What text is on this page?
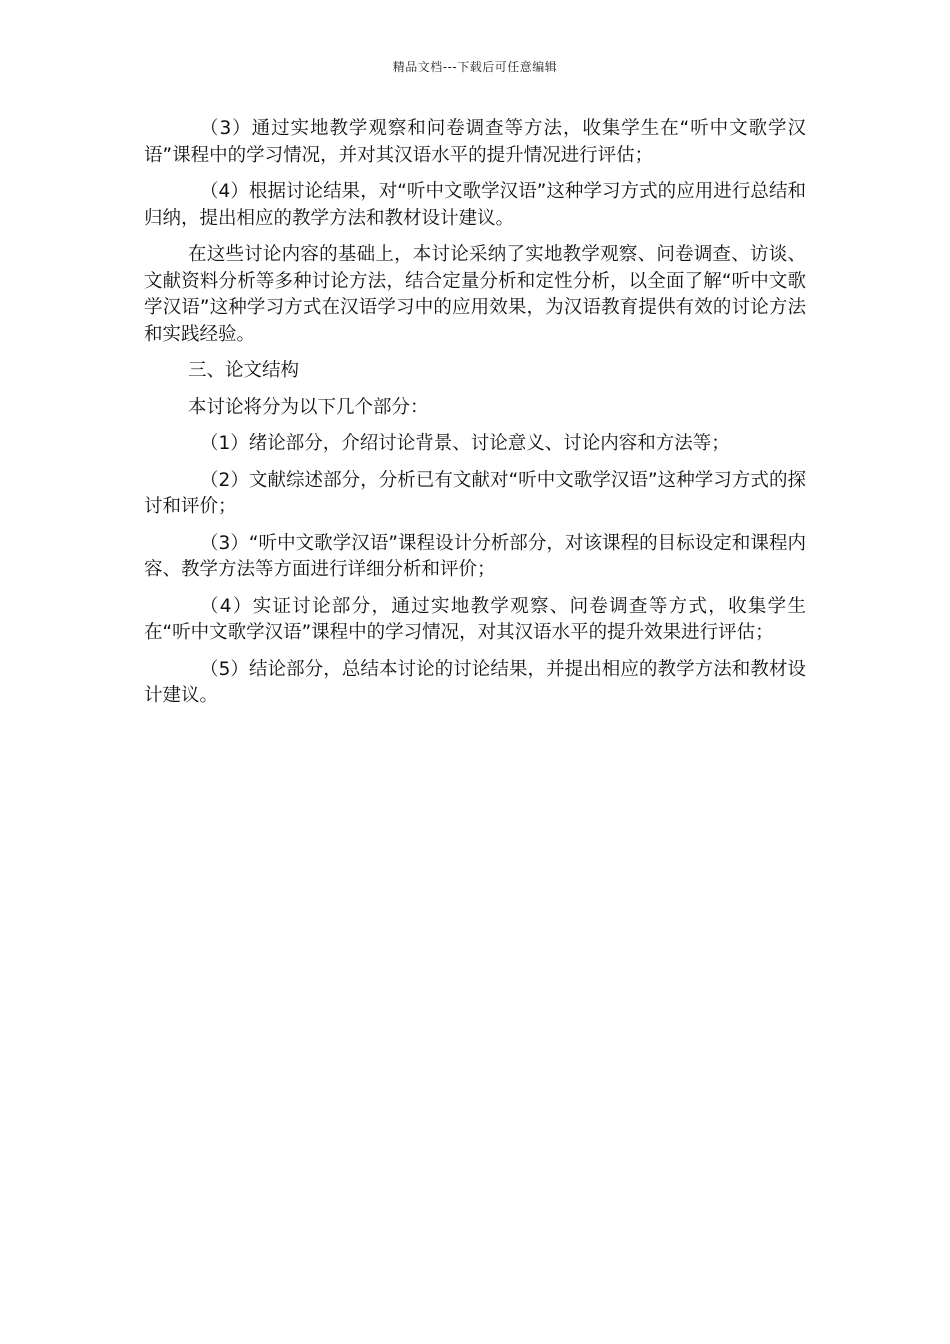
精品文档---下载后可任意编辑

（3）通过实地教学观察和问卷调查等方法，收集学生在“听中文歌学汉语”课程中的学习情况，并对其汉语水平的提升情况进行评估；

（4）根据讨论结果，对“听中文歌学汉语”这种学习方式的应用进行总结和归纳，提出相应的教学方法和教材设计建议。

在这些讨论内容的基础上，本讨论采纳了实地教学观察、问卷调查、访谈、文献资料分析等多种讨论方法，结合定量分析和定性分析，以全面了解“听中文歌学汉语”这种学习方式在汉语学习中的应用效果，为汉语教育提供有效的讨论方法和实践经验。

三、论文结构

本讨论将分为以下几个部分：

（1）绪论部分，介绍讨论背景、讨论意义、讨论内容和方法等；

（2）文献综述部分，分析已有文献对“听中文歌学汉语”这种学习方式的探讨和评价；

（3）“听中文歌学汉语”课程设计分析部分，对该课程的目标设定和课程内容、教学方法等方面进行详细分析和评价；

（4）实证讨论部分，通过实地教学观察、问卷调查等方式，收集学生在“听中文歌学汉语”课程中的学习情况，对其汉语水平的提升效果进行评估；

（5）结论部分，总结本讨论的讨论结果，并提出相应的教学方法和教材设计建议。
